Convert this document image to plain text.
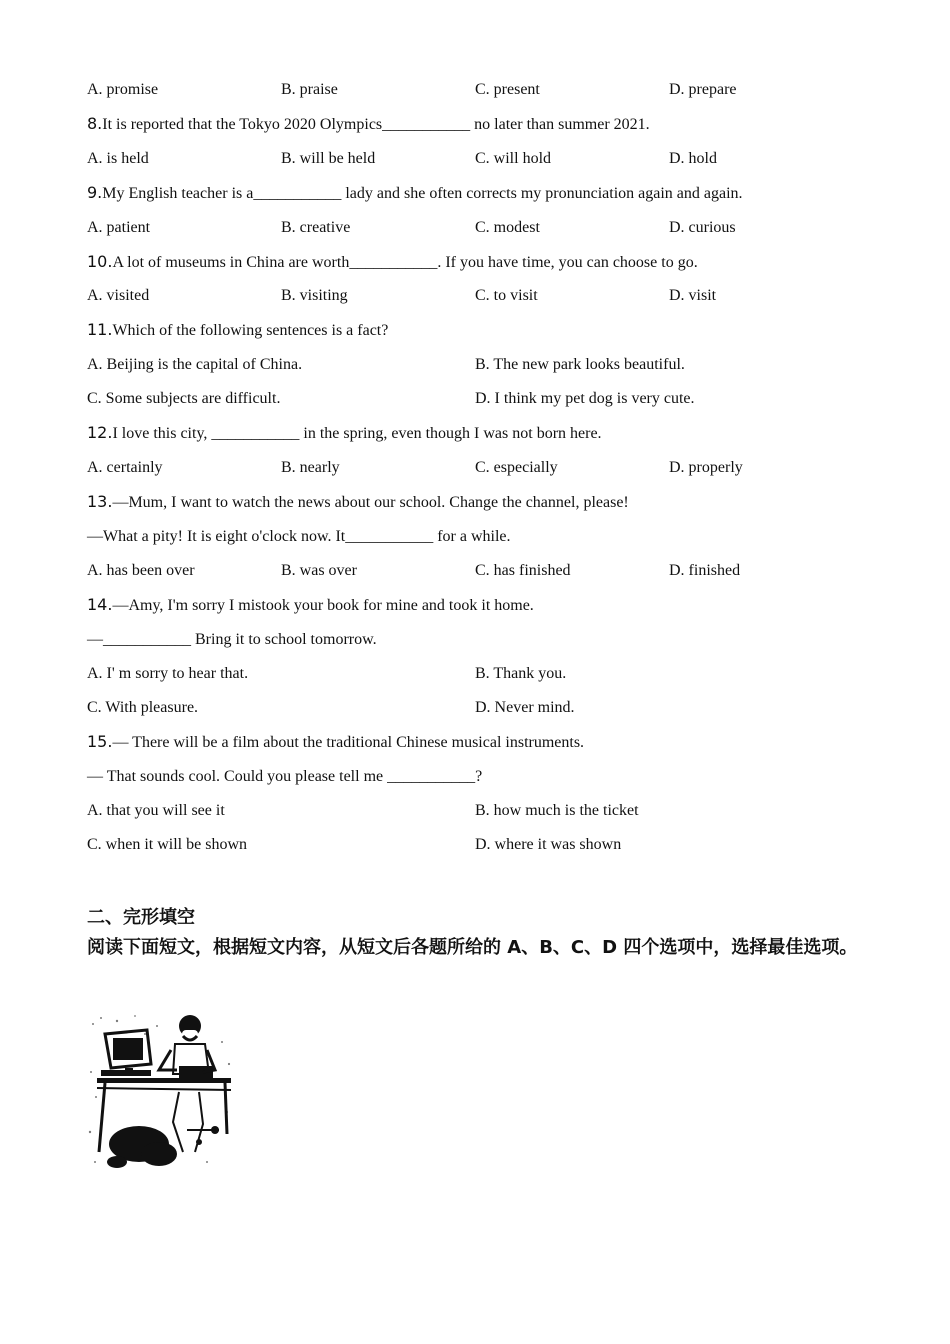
A. promise	B. praise	C. present	D. prepare
8.It is reported that the Tokyo 2020 Olympics___________ no later than summer 2021.
A. is held	B. will be held	C. will hold	D. hold
9.My English teacher is a___________ lady and she often corrects my pronunciation again and again.
A. patient	B. creative	C. modest	D. curious
10.A lot of museums in China are worth___________. If you have time, you can choose to go.
A. visited	B. visiting	C. to visit	D. visit
11.Which of the following sentences is a fact?
A. Beijing is the capital of China.	B. The new park looks beautiful.
C. Some subjects are difficult.	D. I think my pet dog is very cute.
12.I love this city, ___________ in the spring, even though I was not born here.
A. certainly	B. nearly	C. especially	D. properly
13.—Mum, I want to watch the news about our school. Change the channel, please!
—What a pity! It is eight o'clock now. It___________ for a while.
A. has been over	B. was over	C. has finished	D. finished
14.—Amy, I'm sorry I mistook your book for mine and took it home.
—___________ Bring it to school tomorrow.
A. I' m sorry to hear that.	B. Thank you.
C. With pleasure.	D. Never mind.
15.— There will be a film about the traditional Chinese musical instruments.
— That sounds cool. Could you please tell me ___________?
A. that you will see it	B. how much is the ticket
C. when it will be shown	D. where it was shown
二、完形填空
阅读下面短文，根据短文内容，从短文后各题所给的 A、B、C、D 四个选项中，选择最佳选项。
